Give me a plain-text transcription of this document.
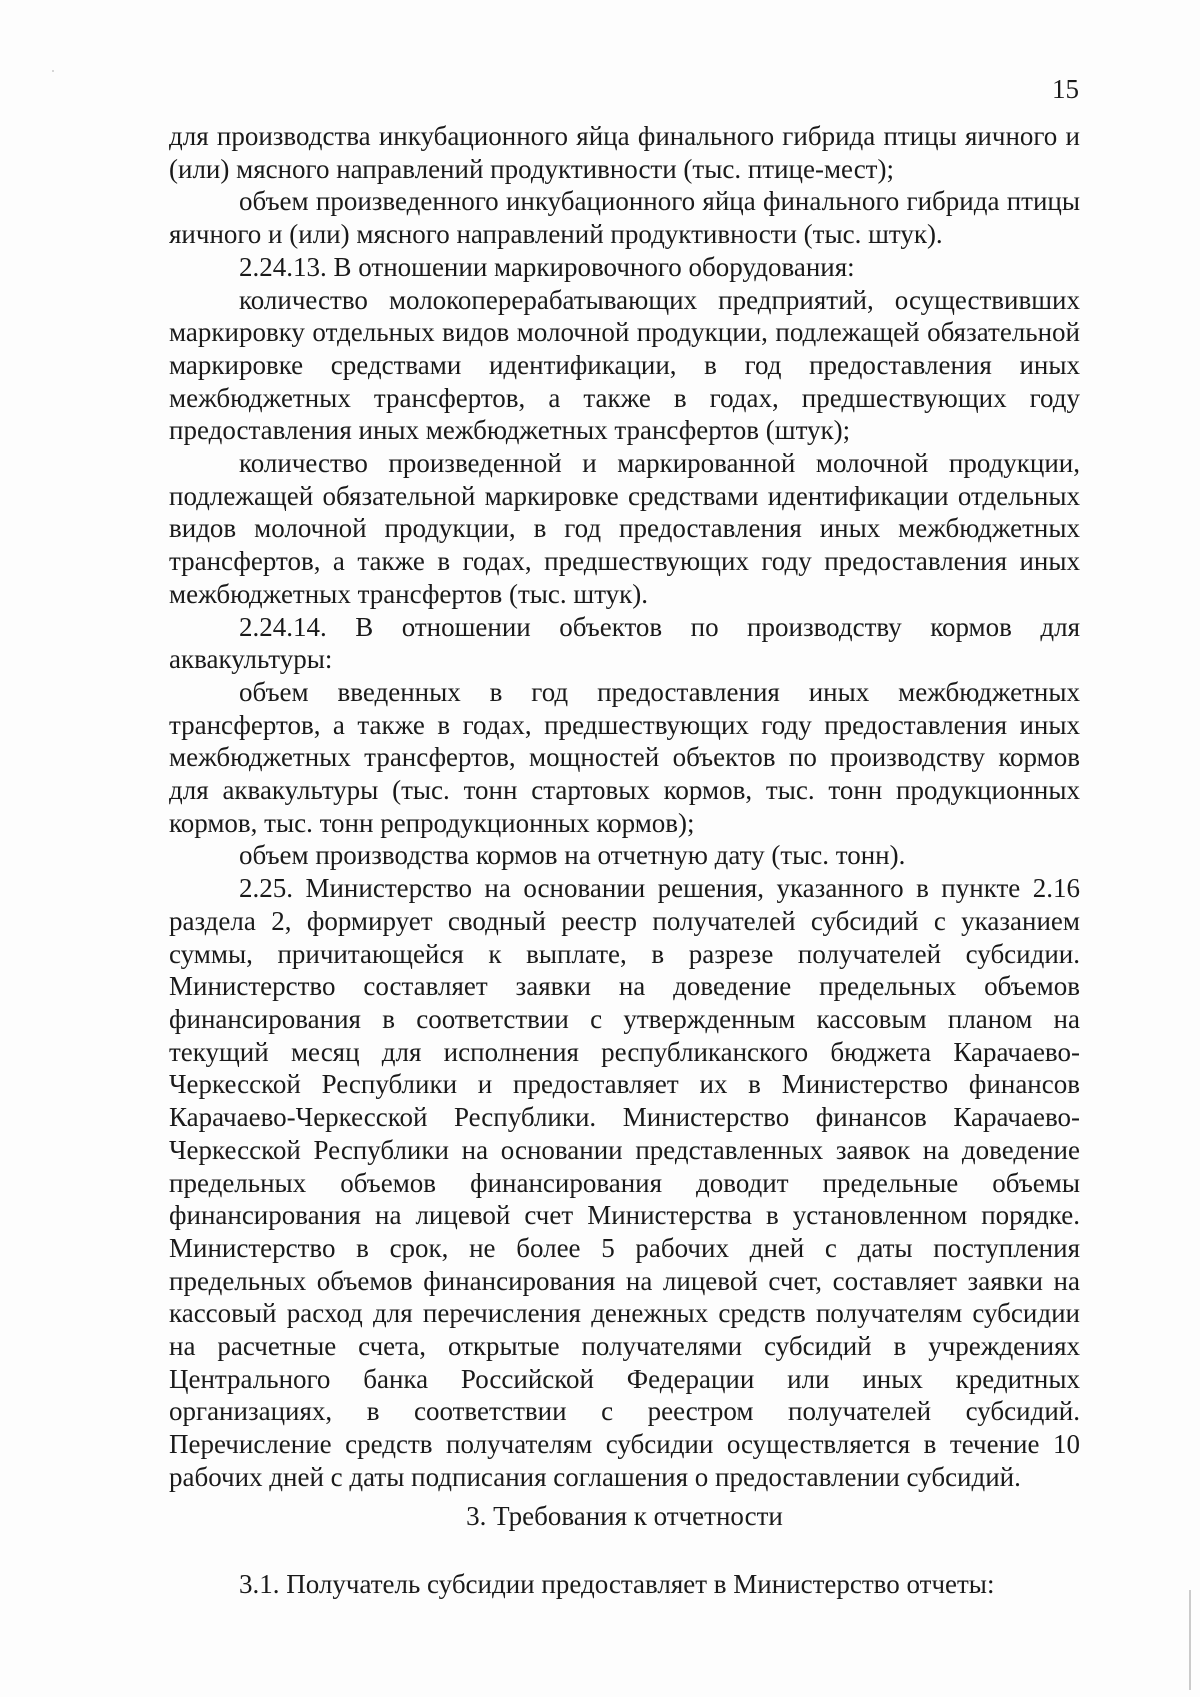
15

для производства инкубационного яйца финального гибрида птицы яичного и (или) мясного направлений продуктивности (тыс. птице-мест);

объем произведенного инкубационного яйца финального гибрида птицы яичного и (или) мясного направлений продуктивности (тыс. штук).

2.24.13. В отношении маркировочного оборудования:

количество молокоперерабатывающих предприятий, осуществивших маркировку отдельных видов молочной продукции, подлежащей обязательной маркировке средствами идентификации, в год предоставления иных межбюджетных трансфертов, а также в годах, предшествующих году предоставления иных межбюджетных трансфертов (штук);

количество произведенной и маркированной молочной продукции, подлежащей обязательной маркировке средствами идентификации отдельных видов молочной продукции, в год предоставления иных межбюджетных трансфертов, а также в годах, предшествующих году предоставления иных межбюджетных трансфертов (тыс. штук).

2.24.14. В отношении объектов по производству кормов для аквакультуры:

объем введенных в год предоставления иных межбюджетных трансфертов, а также в годах, предшествующих году предоставления иных межбюджетных трансфертов, мощностей объектов по производству кормов для аквакультуры (тыс. тонн стартовых кормов, тыс. тонн продукционных кормов, тыс. тонн репродукционных кормов);

объем производства кормов на отчетную дату (тыс. тонн).

2.25. Министерство на основании решения, указанного в пункте 2.16 раздела 2, формирует сводный реестр получателей субсидий с указанием суммы, причитающейся к выплате, в разрезе получателей субсидии. Министерство составляет заявки на доведение предельных объемов финансирования в соответствии с утвержденным кассовым планом на текущий месяц для исполнения республиканского бюджета Карачаево-Черкесской Республики и предоставляет их в Министерство финансов Карачаево-Черкесской Республики. Министерство финансов Карачаево-Черкесской Республики на основании представленных заявок на доведение предельных объемов финансирования доводит предельные объемы финансирования на лицевой счет Министерства в установленном порядке. Министерство в срок, не более 5 рабочих дней с даты поступления предельных объемов финансирования на лицевой счет, составляет заявки на кассовый расход для перечисления денежных средств получателям субсидии на расчетные счета, открытые получателями субсидий в учреждениях Центрального банка Российской Федерации или иных кредитных организациях, в соответствии с реестром получателей субсидий. Перечисление средств получателям субсидии осуществляется в течение 10 рабочих дней с даты подписания соглашения о предоставлении субсидий.

3. Требования к отчетности
3.1. Получатель субсидии предоставляет в Министерство отчеты:
